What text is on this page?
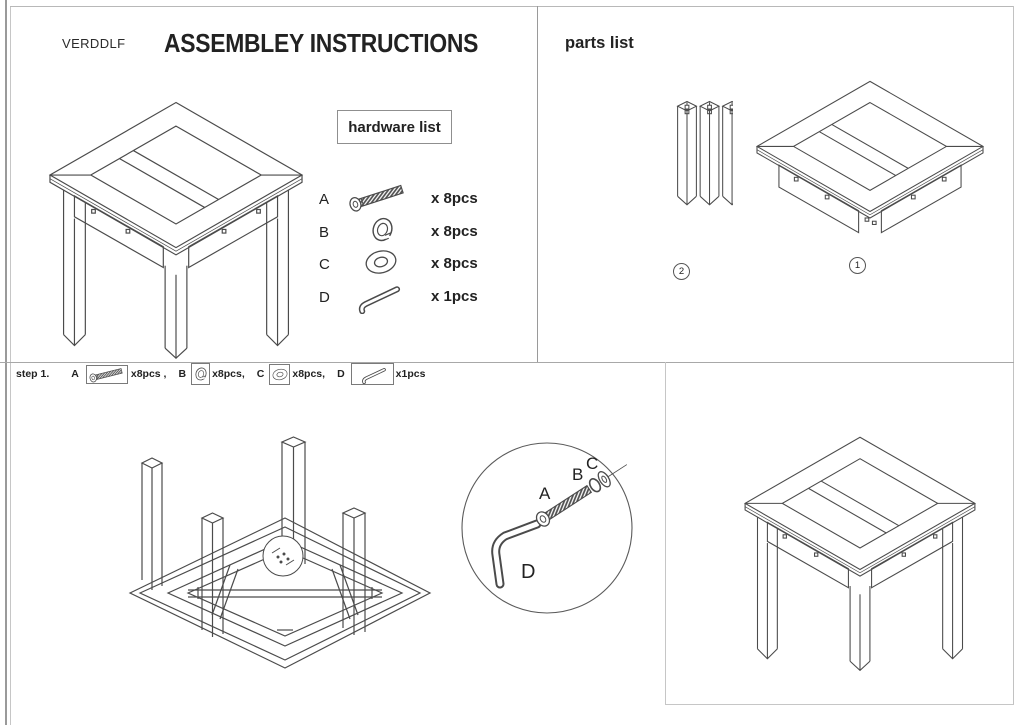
VERDDLF ASSEMBLEY INSTRUCTIONS
hardware list
A	x 8pcs
B	x 8pcs
C	x 8pcs
D	x 1pcs
parts list
2
1
step 1. A	x8pcs , B x8pcs, C	x8pcs, D	x1pcs
A
B
C
D
